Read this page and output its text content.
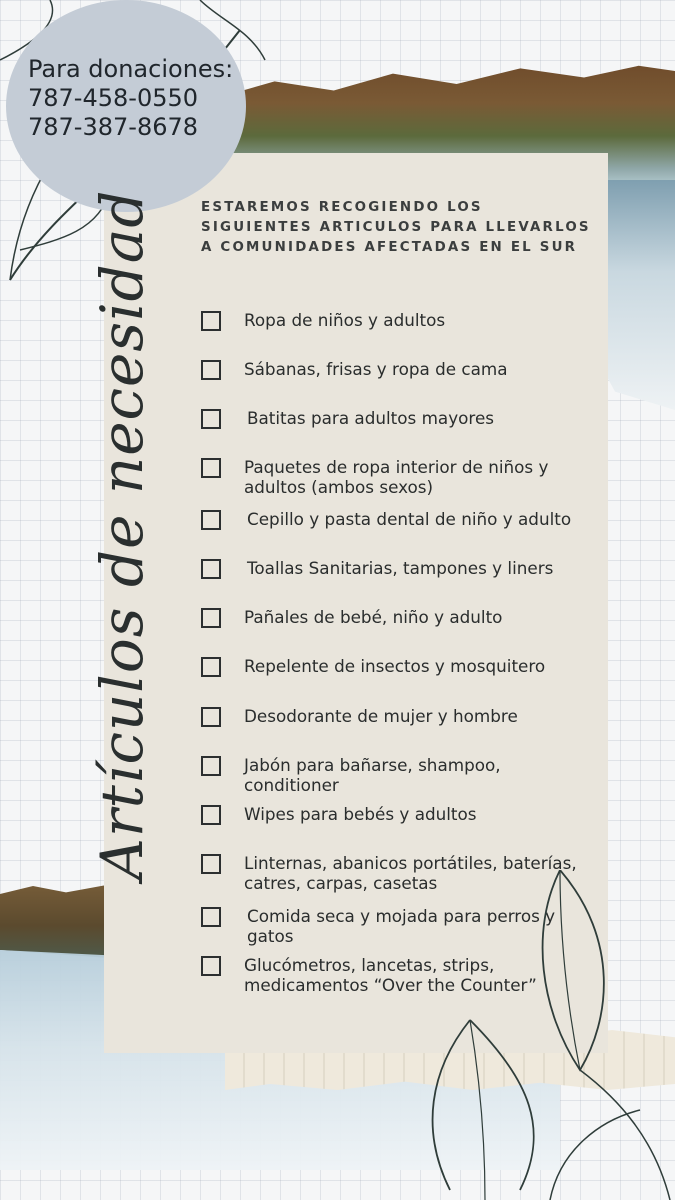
Para donaciones:
787-458-0550
787-387-8678
ESTAREMOS RECOGIENDO LOS
SIGUIENTES ARTICULOS PARA LLEVARLOS
A COMUNIDADES AFECTADAS EN EL SUR
Artículos de necesidad	Ropa de niños y adultos
Sábanas, frisas y ropa de cama
Batitas para adultos mayores
Paquetes de ropa interior de niños y adultos (ambos sexos)
Cepillo y pasta dental de niño y adulto
Toallas Sanitarias, tampones y liners
Pañales de bebé, niño y adulto
Repelente de insectos y mosquitero
Desodorante de mujer y hombre
Jabón para bañarse, shampoo, conditioner
Wipes para bebés y adultos
Linternas, abanicos portátiles, baterías, catres, carpas, casetas
Comida seca y mojada para perros y gatos
Glucómetros, lancetas, strips, medicamentos “Over the Counter”
